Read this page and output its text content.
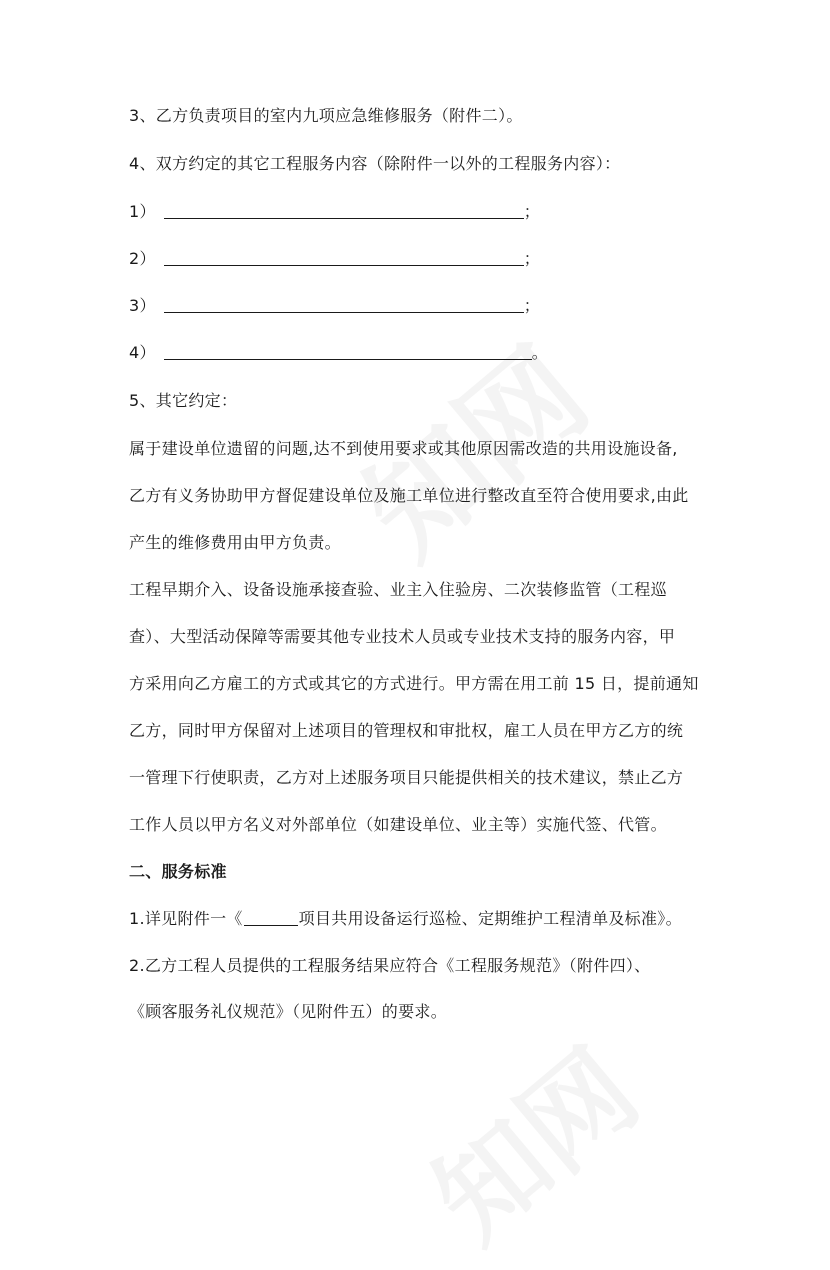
3、乙方负责项目的室内九项应急维修服务（附件二）。
4、双方约定的其它工程服务内容（除附件一以外的工程服务内容）：
1）	；
2）	；
3）	；
4）	。
5、其它约定：
属于建设单位遗留的问题,达不到使用要求或其他原因需改造的共用设施设备,
乙方有义务协助甲方督促建设单位及施工单位进行整改直至符合使用要求,由此
产生的维修费用由甲方负责。
工程早期介入、设备设施承接查验、业主入住验房、二次装修监管（工程巡
查）、大型活动保障等需要其他专业技术人员或专业技术支持的服务内容，甲
方采用向乙方雇工的方式或其它的方式进行。甲方需在用工前 15 日，提前通知
乙方，同时甲方保留对上述项目的管理权和审批权，雇工人员在甲方乙方的统
一管理下行使职责，乙方对上述服务项目只能提供相关的技术建议，禁止乙方
工作人员以甲方名义对外部单位（如建设单位、业主等）实施代签、代管。
二、服务标准
1.详见附件一《	项目共用设备运行巡检、定期维护工程清单及标准》。
2.乙方工程人员提供的工程服务结果应符合《工程服务规范》（附件四）、
《顾客服务礼仪规范》（见附件五）的要求。
